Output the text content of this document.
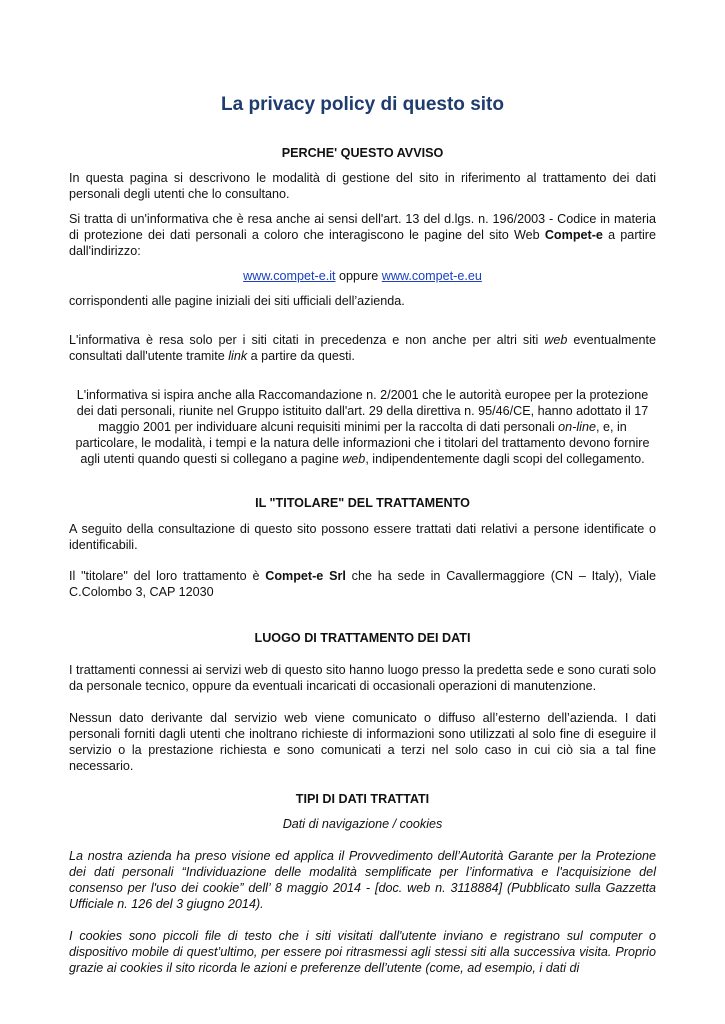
La privacy policy di questo sito
PERCHE' QUESTO AVVISO

In questa pagina si descrivono le modalità di gestione del sito in riferimento al trattamento dei dati personali degli utenti che lo consultano.

Si tratta di un'informativa che è resa anche ai sensi dell'art. 13 del d.lgs. n. 196/2003 - Codice in materia di protezione dei dati personali a coloro che interagiscono le pagine del sito Web Compet-e a partire dall'indirizzo:

www.compet-e.it oppure www.compet-e.eu

corrispondenti alle pagine iniziali dei siti ufficiali dell’azienda.

L'informativa è resa solo per i siti citati in precedenza e non anche per altri siti web eventualmente consultati dall'utente tramite link a partire da questi.

L'informativa si ispira anche alla Raccomandazione n. 2/2001 che le autorità europee per la protezione dei dati personali, riunite nel Gruppo istituito dall'art. 29 della direttiva n. 95/46/CE, hanno adottato il 17 maggio 2001 per individuare alcuni requisiti minimi per la raccolta di dati personali on-line, e, in particolare, le modalità, i tempi e la natura delle informazioni che i titolari del trattamento devono fornire agli utenti quando questi si collegano a pagine web, indipendentemente dagli scopi del collegamento.

IL "TITOLARE" DEL TRATTAMENTO

A seguito della consultazione di questo sito possono essere trattati dati relativi a persone identificate o identificabili.

Il "titolare" del loro trattamento è Compet-e Srl che ha sede in Cavallermaggiore (CN – Italy), Viale C.Colombo 3, CAP 12030

LUOGO DI TRATTAMENTO DEI DATI

I trattamenti connessi ai servizi web di questo sito hanno luogo presso la predetta sede e sono curati solo da personale tecnico, oppure da eventuali incaricati di occasionali operazioni di manutenzione.

Nessun dato derivante dal servizio web viene comunicato o diffuso all’esterno dell’azienda. I dati personali forniti dagli utenti che inoltrano richieste di informazioni sono utilizzati al solo fine di eseguire il servizio o la prestazione richiesta e sono comunicati a terzi nel solo caso in cui ciò sia a tal fine necessario.

TIPI DI DATI TRATTATI

Dati di navigazione / cookies

La nostra azienda ha preso visione ed applica il Provvedimento dell’Autorità Garante per la Protezione dei dati personali “Individuazione delle modalità semplificate per l’informativa e l'acquisizione del consenso per l'uso dei cookie” dell’ 8 maggio 2014 - [doc. web n. 3118884] (Pubblicato sulla Gazzetta Ufficiale n. 126 del 3 giugno 2014).

I cookies sono piccoli file di testo che i siti visitati dall'utente inviano e registrano sul computer o dispositivo mobile di quest’ultimo, per essere poi ritrasmessi agli stessi siti alla successiva visita. Proprio grazie ai cookies il sito ricorda le azioni e preferenze dell’utente (come, ad esempio, i dati di
